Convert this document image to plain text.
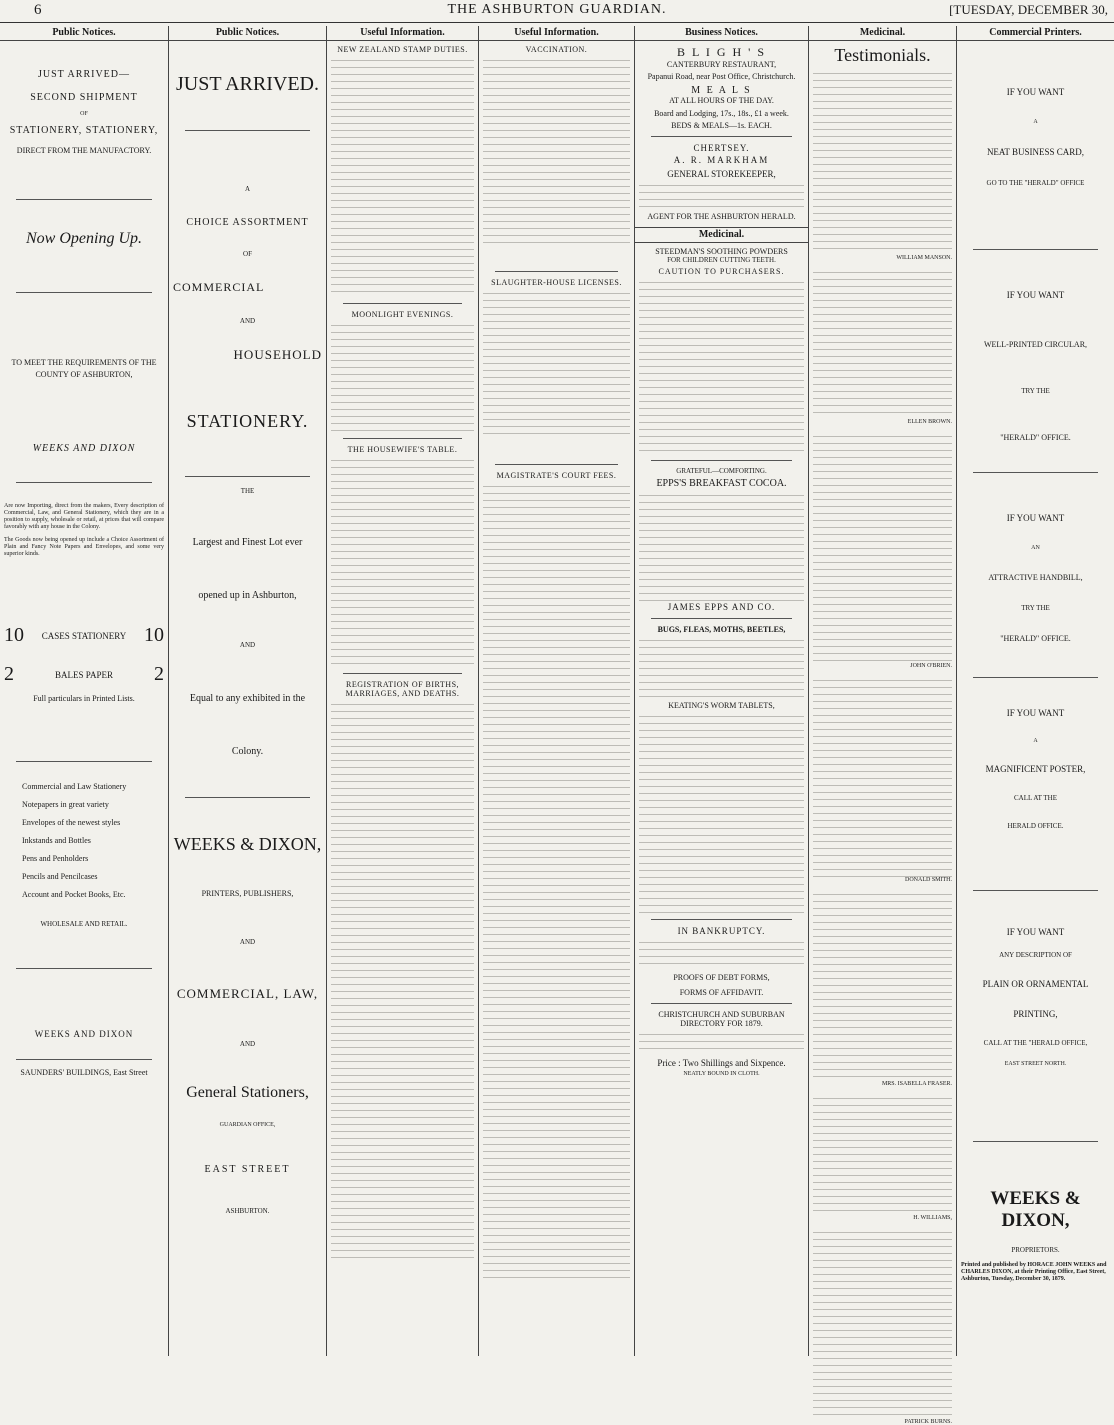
6	THE ASHBURTON GUARDIAN.	[TUESDAY, DECEMBER 30,
Public Notices.
JUST ARRIVED—
SECOND SHIPMENT
OF
STATIONERY, STATIONERY,
DIRECT FROM THE MANUFACTORY.
Now Opening Up.
TO MEET THE REQUIREMENTS OF THE COUNTY OF ASHBURTON,
WEEKS AND DIXON
Are now Importing, direct from the makers, Every description of Commercial, Law, and General Stationery, which they are in a position to supply, wholesale or retail, at prices that will compare favorably with any house in the Colony.
The Goods now being opened up include a Choice Assortment of Plain and Fancy Note Papers and Envelopes, and some very superior kinds.
10 CASES STATIONERY 10
2	BALES PAPER 2
Full particulars in Printed Lists.
Commercial and Law Stationery
Notepapers in great variety
Envelopes of the newest styles
Inkstands and Bottles
Pens and Penholders
Pencils and Pencilcases
Account and Pocket Books, Etc.
WHOLESALE AND RETAIL.
WEEKS AND DIXON
SAUNDERS' BUILDINGS, East Street
Public Notices.
JUST ARRIVED.
A
CHOICE ASSORTMENT
OF
COMMERCIAL
AND
HOUSEHOLD
STATIONERY.
THE
Largest and Finest Lot ever
opened up in Ashburton,
AND
Equal to any exhibited in the
Colony.
WEEKS & DIXON,
PRINTERS, PUBLISHERS,
AND
COMMERCIAL, LAW,
AND
General Stationers,
GUARDIAN OFFICE,
EAST STREET
ASHBURTON.
Useful Information.
NEW ZEALAND STAMP DUTIES.
MOONLIGHT EVENINGS.
THE HOUSEWIFE'S TABLE.
REGISTRATION OF BIRTHS, MARRIAGES, AND DEATHS.
Useful Information.
VACCINATION.
SLAUGHTER-HOUSE LICENSES.
MAGISTRATE'S COURT FEES.
Business Notices.
B L I G H ' S
CANTERBURY RESTAURANT,
Papanui Road, near Post Office, Christchurch.
M E A L S
AT ALL HOURS OF THE DAY.
Board and Lodging, 17s., 18s., £1 a week.
BEDS & MEALS—1s. EACH.
CHERTSEY.
A. R. MARKHAM
GENERAL STOREKEEPER,
AGENT FOR THE ASHBURTON HERALD.
Medicinal.
STEEDMAN'S SOOTHING POWDERS
FOR CHILDREN CUTTING TEETH.
CAUTION TO PURCHASERS.
GRATEFUL—COMFORTING.
EPPS'S BREAKFAST COCOA.
JAMES EPPS AND CO.
BUGS, FLEAS, MOTHS, BEETLES,
KEATING'S WORM TABLETS,
IN BANKRUPTCY.
PROOFS OF DEBT FORMS,
FORMS OF AFFIDAVIT.
CHRISTCHURCH AND SUBURBAN DIRECTORY FOR 1879.
Price : Two Shillings and Sixpence.
NEATLY BOUND IN CLOTH.
Medicinal.
Testimonials.
WILLIAM MANSON.
ELLEN BROWN.
JOHN O'BRIEN.
DONALD SMITH.
MRS. ISABELLA FRASER.
H. WILLIAMS,
PATRICK BURNS.
Commercial Printers.
IF YOU WANT
A
NEAT BUSINESS CARD,
GO TO THE "HERALD" OFFICE
IF YOU WANT
WELL-PRINTED CIRCULAR,
TRY THE
"HERALD" OFFICE.
IF YOU WANT
AN
ATTRACTIVE HANDBILL,
TRY THE
"HERALD" OFFICE.
IF YOU WANT
A
MAGNIFICENT POSTER,
CALL AT THE
HERALD OFFICE.
IF YOU WANT
ANY DESCRIPTION OF
PLAIN OR ORNAMENTAL
PRINTING,
CALL AT THE "HERALD OFFICE,
EAST STREET NORTH.
WEEKS & DIXON,
PROPRIETORS.
Printed and published by HORACE JOHN WEEKS and CHARLES DIXON, at their Printing Office, East Street, Ashburton, Tuesday, December 30, 1879.
